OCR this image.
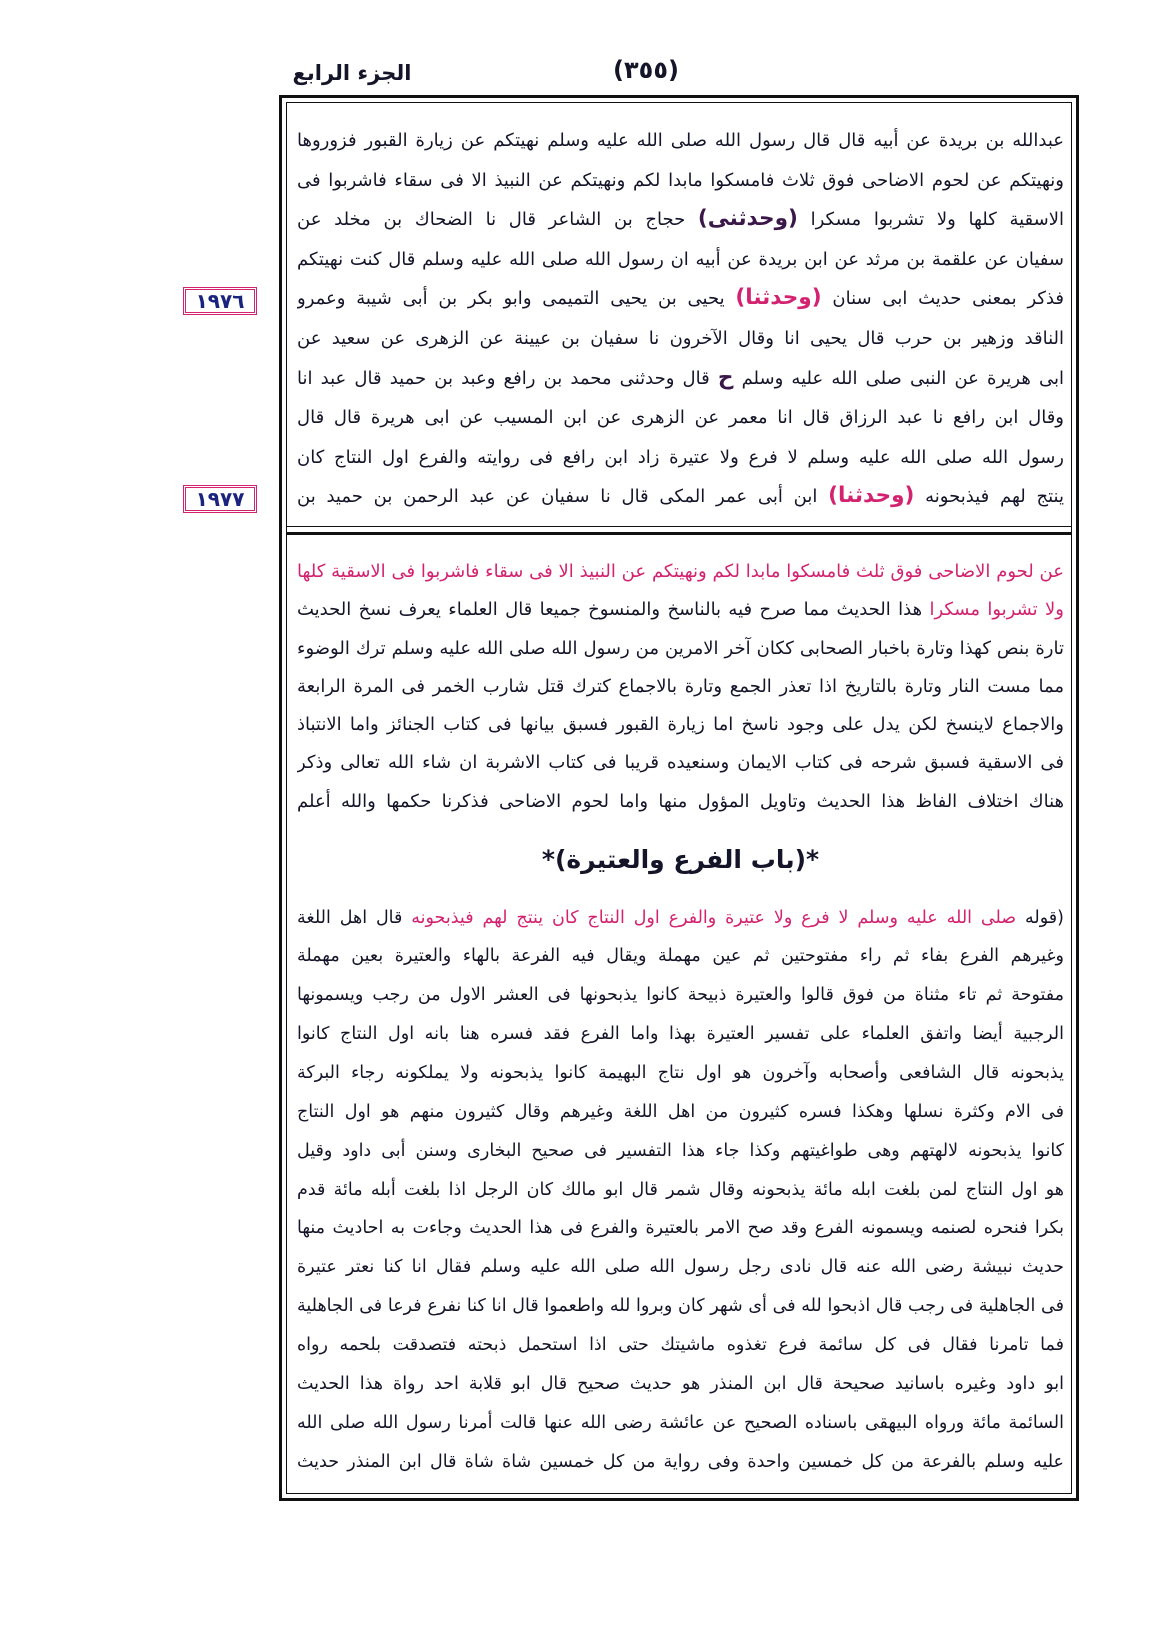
الجزء الرابع	(٣٥٥)
١٩٧٦
١٩٧٧
عبدالله بن بريدة عن أبيه قال قال رسول الله صلى الله عليه وسلم نهيتكم عن زيارة القبور فزوروها
ونهيتكم عن لحوم الاضاحى فوق ثلاث فامسكوا مابدا لكم ونهيتكم عن النبيذ الا فى سقاء فاشربوا فى
الاسقية كلها ولا تشربوا مسكرا (وحدثنى) حجاج بن الشاعر قال نا الضحاك بن مخلد عن
سفيان عن علقمة بن مرثد عن ابن بريدة عن أبيه ان رسول الله صلى الله عليه وسلم قال كنت نهيتكم
فذكر بمعنى حديث ابى سنان (وحدثنا) يحيى بن يحيى التميمى وابو بكر بن أبى شيبة وعمرو
الناقد وزهير بن حرب قال يحيى انا وقال الآخرون نا سفيان بن عيينة عن الزهرى عن سعيد عن
ابى هريرة عن النبى صلى الله عليه وسلم ح قال وحدثنى محمد بن رافع وعبد بن حميد قال عبد انا
وقال ابن رافع نا عبد الرزاق قال انا معمر عن الزهرى عن ابن المسيب عن ابى هريرة قال قال
رسول الله صلى الله عليه وسلم لا فرع ولا عتيرة زاد ابن رافع فى روايته والفرع اول النتاج كان
ينتج لهم فيذبحونه (وحدثنا) ابن أبى عمر المكى قال نا سفيان عن عبد الرحمن بن حميد بن
عن لحوم الاضاحى فوق ثلث فامسكوا مابدا لكم ونهيتكم عن النبيذ الا فى سقاء فاشربوا فى الاسقية كلها
ولا تشربوا مسكرا هذا الحديث مما صرح فيه بالناسخ والمنسوخ جميعا قال العلماء يعرف نسخ الحديث
تارة بنص كهذا وتارة باخبار الصحابى ككان آخر الامرين من رسول الله صلى الله عليه وسلم ترك الوضوء
مما مست النار وتارة بالتاريخ اذا تعذر الجمع وتارة بالاجماع كترك قتل شارب الخمر فى المرة الرابعة
والاجماع لاينسخ لكن يدل على وجود ناسخ اما زيارة القبور فسبق بيانها فى كتاب الجنائز واما الانتباذ
فى الاسقية فسبق شرحه فى كتاب الايمان وسنعيده قريبا فى كتاب الاشربة ان شاء الله تعالى وذكر
هناك اختلاف الفاظ هذا الحديث وتاويل المؤول منها واما لحوم الاضاحى فذكرنا حكمها والله أعلم
*(باب الفرع والعتيرة)*
(قوله صلى الله عليه وسلم لا فرع ولا عتيرة والفرع اول النتاج كان ينتج لهم فيذبحونه قال اهل اللغة
وغيرهم الفرع بفاء ثم راء مفتوحتين ثم عين مهملة ويقال فيه الفرعة بالهاء والعتيرة بعين مهملة
مفتوحة ثم تاء مثناة من فوق قالوا والعتيرة ذبيحة كانوا يذبحونها فى العشر الاول من رجب ويسمونها
الرجبية أيضا واتفق العلماء على تفسير العتيرة بهذا واما الفرع فقد فسره هنا بانه اول النتاج كانوا
يذبحونه قال الشافعى وأصحابه وآخرون هو اول نتاج البهيمة كانوا يذبحونه ولا يملكونه رجاء البركة
فى الام وكثرة نسلها وهكذا فسره كثيرون من اهل اللغة وغيرهم وقال كثيرون منهم هو اول النتاج
كانوا يذبحونه لالهتهم وهى طواغيتهم وكذا جاء هذا التفسير فى صحيح البخارى وسنن أبى داود وقيل
هو اول النتاج لمن بلغت ابله مائة يذبحونه وقال شمر قال ابو مالك كان الرجل اذا بلغت أبله مائة قدم
بكرا فنحره لصنمه ويسمونه الفرع وقد صح الامر بالعتيرة والفرع فى هذا الحديث وجاءت به احاديث منها
حديث نبيشة رضى الله عنه قال نادى رجل رسول الله صلى الله عليه وسلم فقال انا كنا نعتر عتيرة
فى الجاهلية فى رجب قال اذبحوا لله فى أى شهر كان وبروا لله واطعموا قال انا كنا نفرع فرعا فى الجاهلية
فما تامرنا فقال فى كل سائمة فرع تغذوه ماشيتك حتى اذا استحمل ذبحته فتصدقت بلحمه رواه
ابو داود وغيره باسانيد صحيحة قال ابن المنذر هو حديث صحيح قال ابو قلابة احد رواة هذا الحديث
السائمة مائة ورواه البيهقى باسناده الصحيح عن عائشة رضى الله عنها قالت أمرنا رسول الله صلى الله
عليه وسلم بالفرعة من كل خمسين واحدة وفى رواية من كل خمسين شاة شاة قال ابن المنذر حديث
